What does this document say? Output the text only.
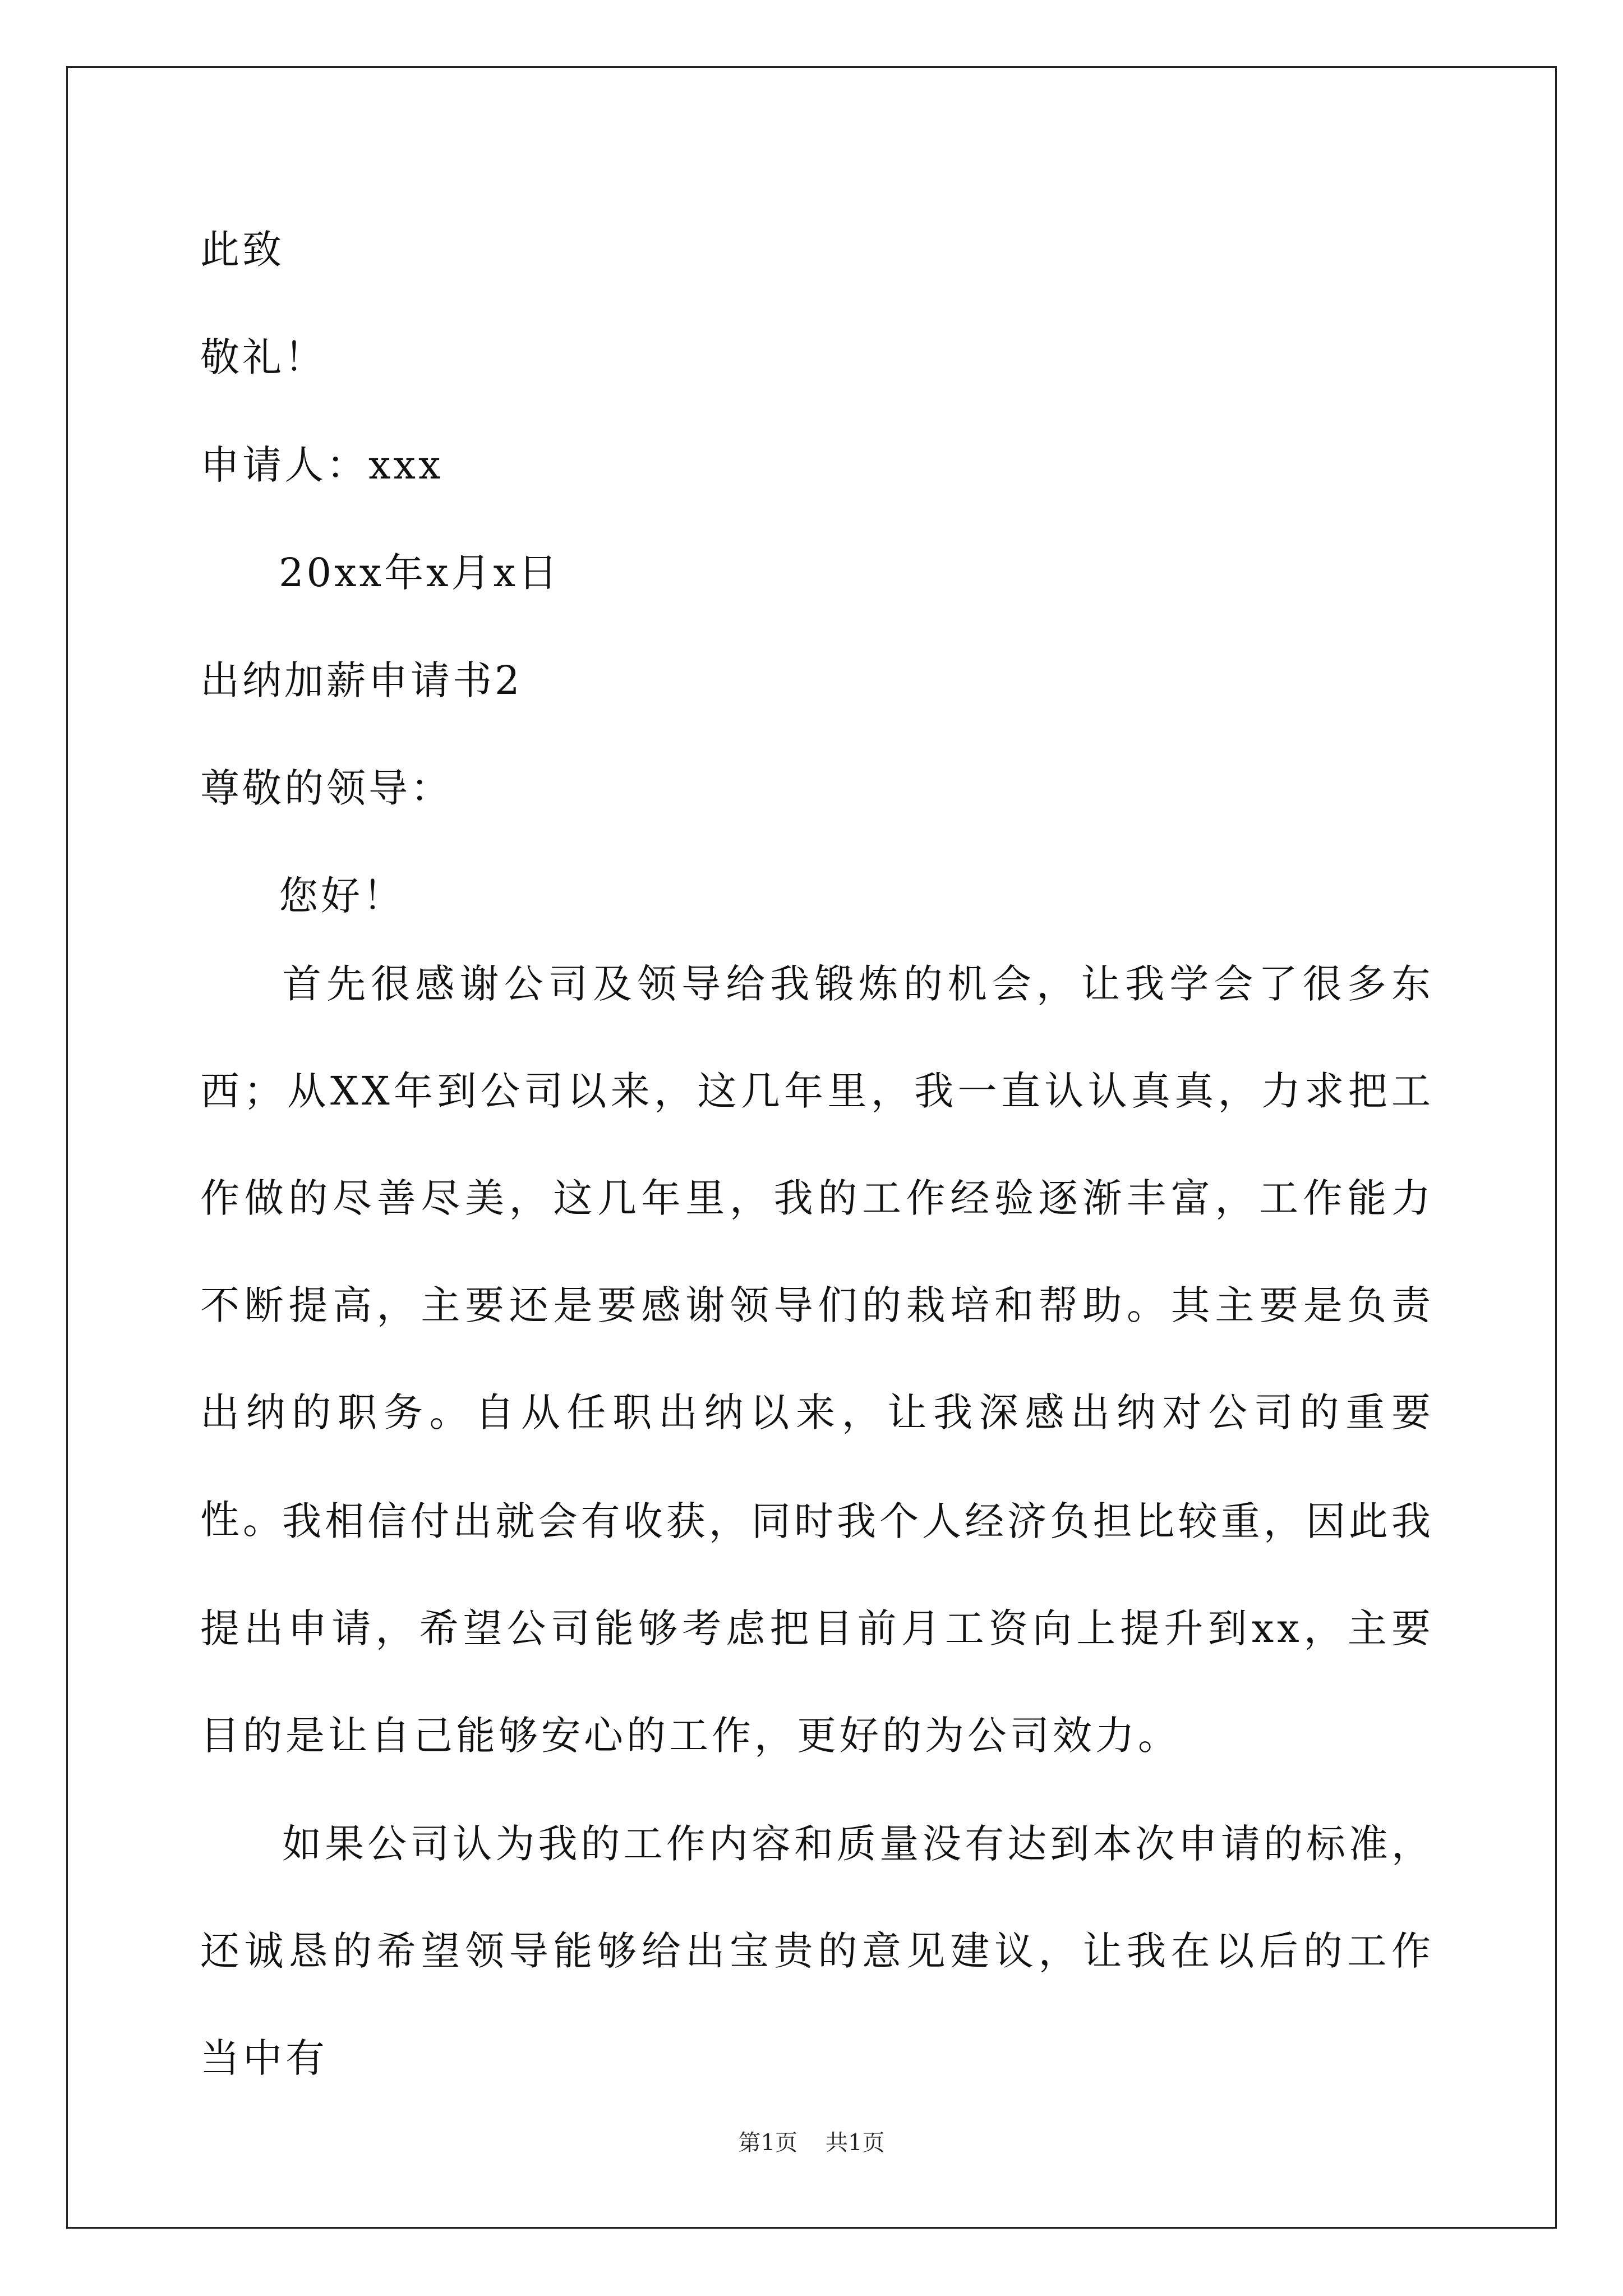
此致
敬礼！
申请人：xxx
20xx年x月x日
出纳加薪申请书2
尊敬的领导：
您好！

首先很感谢公司及领导给我锻炼的机会，让我学会了很多东西；从XX年到公司以来，这几年里，我一直认认真真，力求把工作做的尽善尽美，这几年里，我的工作经验逐渐丰富，工作能力不断提高，主要还是要感谢领导们的栽培和帮助。其主要是负责出纳的职务。自从任职出纳以来，让我深感出纳对公司的重要性。

我相信付出就会有收获，同时我个人经济负担比较重，因此我提出申请，希望公司能够考虑把目前月工资向上提升到xx，主要目的是让自己能够安心的工作，更好的为公司效力。

如果公司认为我的工作内容和质量没有达到本次申请的标准，还诚恳的希望领导能够给出宝贵的意见建议，让我在以后的工作当中有

第1页 共1页
